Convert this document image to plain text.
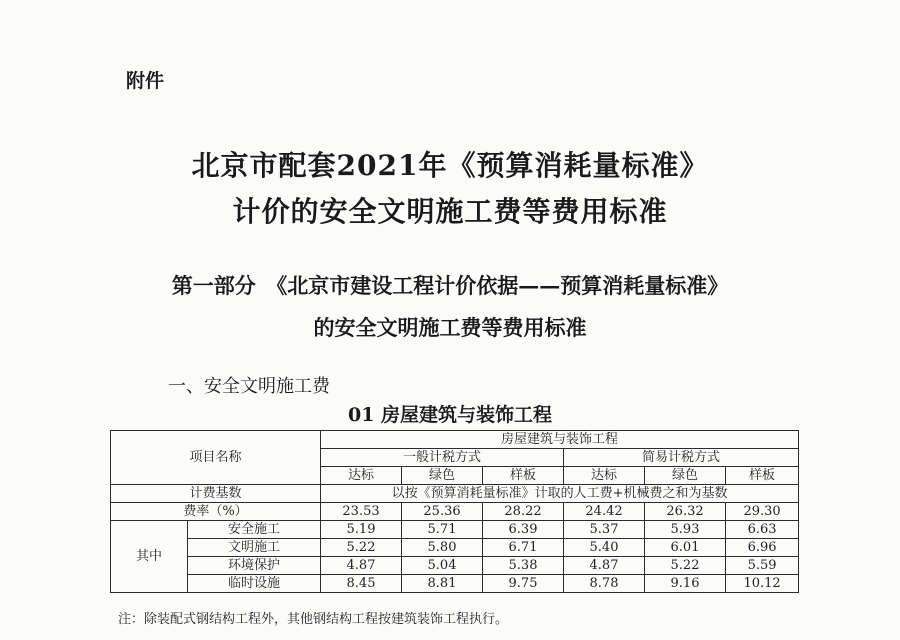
附件
北京市配套2021年《预算消耗量标准》
计价的安全文明施工费等费用标准
第一部分　《北京市建设工程计价依据——预算消耗量标准》
的安全文明施工费等费用标准
一、安全文明施工费
01 房屋建筑与装饰工程
项目名称		房屋建筑与装饰工程					
		一般计税方式			简易计税方式		
		达标	绿色	样板	达标	绿色	样板
计费基数		以按《预算消耗量标准》计取的人工费+机械费之和为基数					
费率（%）		23.53	25.36	28.22	24.42	26.32	29.30
其中	安全施工	5.19	5.71	6.39	5.37	5.93	6.63
	文明施工	5.22	5.80	6.71	5.40	6.01	6.96
	环境保护	4.87	5.04	5.38	4.87	5.22	5.59
	临时设施	8.45	8.81	9.75	8.78	9.16	10.12
注：除装配式钢结构工程外，其他钢结构工程按建筑装饰工程执行。
